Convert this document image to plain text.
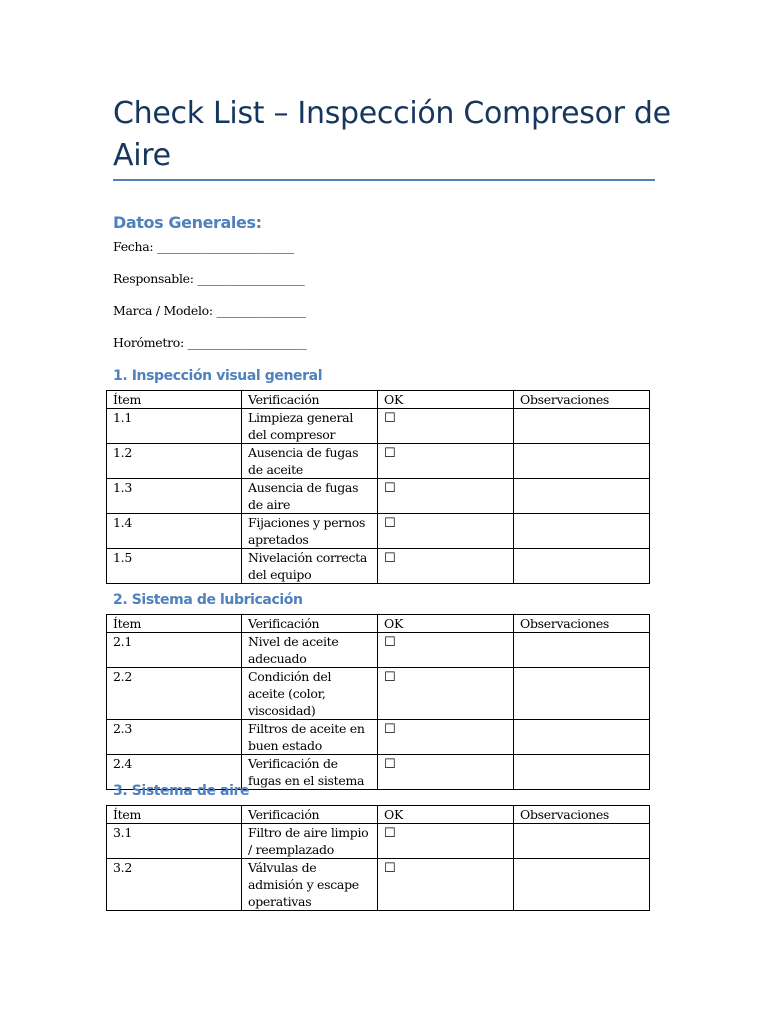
Check List – Inspección Compresor de Aire
Datos Generales:
Fecha: _______________________
Responsable: __________________
Marca / Modelo: _______________
Horómetro: ____________________
1. Inspección visual general
Ítem	Verificación	OK	Observaciones
1.1	Limpieza general del compresor	☐	
1.2	Ausencia de fugas de aceite	☐	
1.3	Ausencia de fugas de aire	☐	
1.4	Fijaciones y pernos apretados	☐	
1.5	Nivelación correcta del equipo	☐	
2. Sistema de lubricación
Ítem	Verificación	OK	Observaciones
2.1	Nivel de aceite adecuado	☐	
2.2	Condición del aceite (color, viscosidad)	☐	
2.3	Filtros de aceite en buen estado	☐	
2.4	Verificación de fugas en el sistema	☐	
3. Sistema de aire
Ítem	Verificación	OK	Observaciones
3.1	Filtro de aire limpio / reemplazado	☐	
3.2	Válvulas de admisión y escape operativas	☐	
